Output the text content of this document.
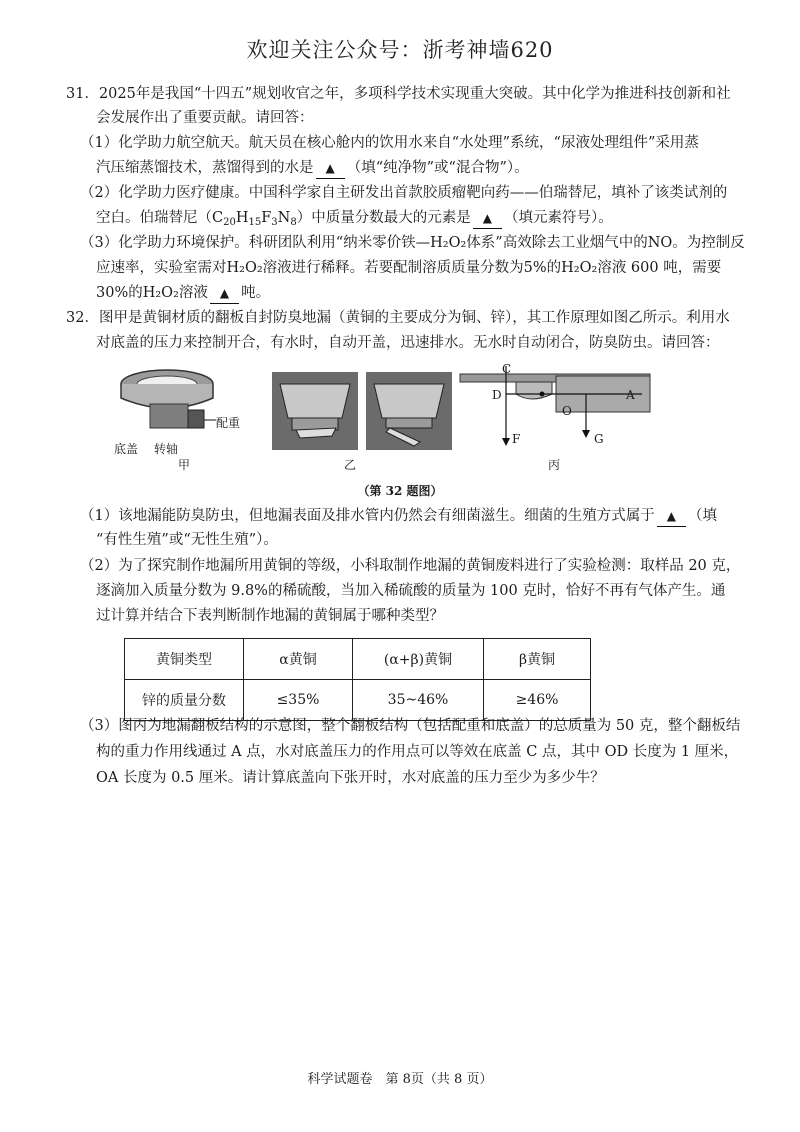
欢迎关注公众号：浙考神墙620
31．2025年是我国“十四五”规划收官之年，多项科学技术实现重大突破。其中化学为推进科技创新和社
会发展作出了重要贡献。请回答：
（1）化学助力航空航天。航天员在核心舱内的饮用水来自“水处理”系统，“尿液处理组件”采用蒸
汽压缩蒸馏技术，蒸馏得到的水是 ▲ （填“纯净物”或“混合物”）。
（2）化学助力医疗健康。中国科学家自主研发出首款胶质瘤靶向药——伯瑞替尼，填补了该类试剂的
空白。伯瑞替尼$(C_{20}H_{15}F_3N_8)$中质量分数最大的元素是 ▲ （填元素符号）。
（3）化学助力环境保护。科研团队利用“纳米零价铁—H₂O₂体系”高效除去工业烟气中的NO。为控制反
应速率，实验室需对H₂O₂溶液进行稀释。若要配制溶质质量分数为5%的H₂O₂溶液 600 吨，需要
30%的H₂O₂溶液 ▲ 吨。
32．图甲是黄铜材质的翻板自封防臭地漏（黄铜的主要成分为铜、锌），其工作原理如图乙所示。利用水
对底盖的压力来控制开合，有水时，自动开盖，迅速排水。无水时自动闭合，防臭防虫。请回答：
配重
底盖 转轴
甲	乙
C
D
O
A
F	G
丙
（第 32 题图）
（1）该地漏能防臭防虫，但地漏表面及排水管内仍然会有细菌滋生。细菌的生殖方式属于 ▲ （填
“有性生殖”或“无性生殖”）。
（2）为了探究制作地漏所用黄铜的等级，小科取制作地漏的黄铜废料进行了实验检测：取样品 20 克，
逐滴加入质量分数为 9.8%的稀硫酸，当加入稀硫酸的质量为 100 克时，恰好不再有气体产生。通
过计算并结合下表判断制作地漏的黄铜属于哪种类型？
黄铜类型	α黄铜	(α+β)黄铜	β黄铜
锌的质量分数	≤35%	35~46%	≥46%
（3）图丙为地漏翻板结构的示意图，整个翻板结构（包括配重和底盖）的总质量为 50 克，整个翻板结
构的重力作用线通过 A 点，水对底盖压力的作用点可以等效在底盖 C 点，其中 OD 长度为 1 厘米，
OA 长度为 0.5 厘米。请计算底盖向下张开时，水对底盖的压力至少为多少牛？
科学试题卷　第 8页（共 8 页）
